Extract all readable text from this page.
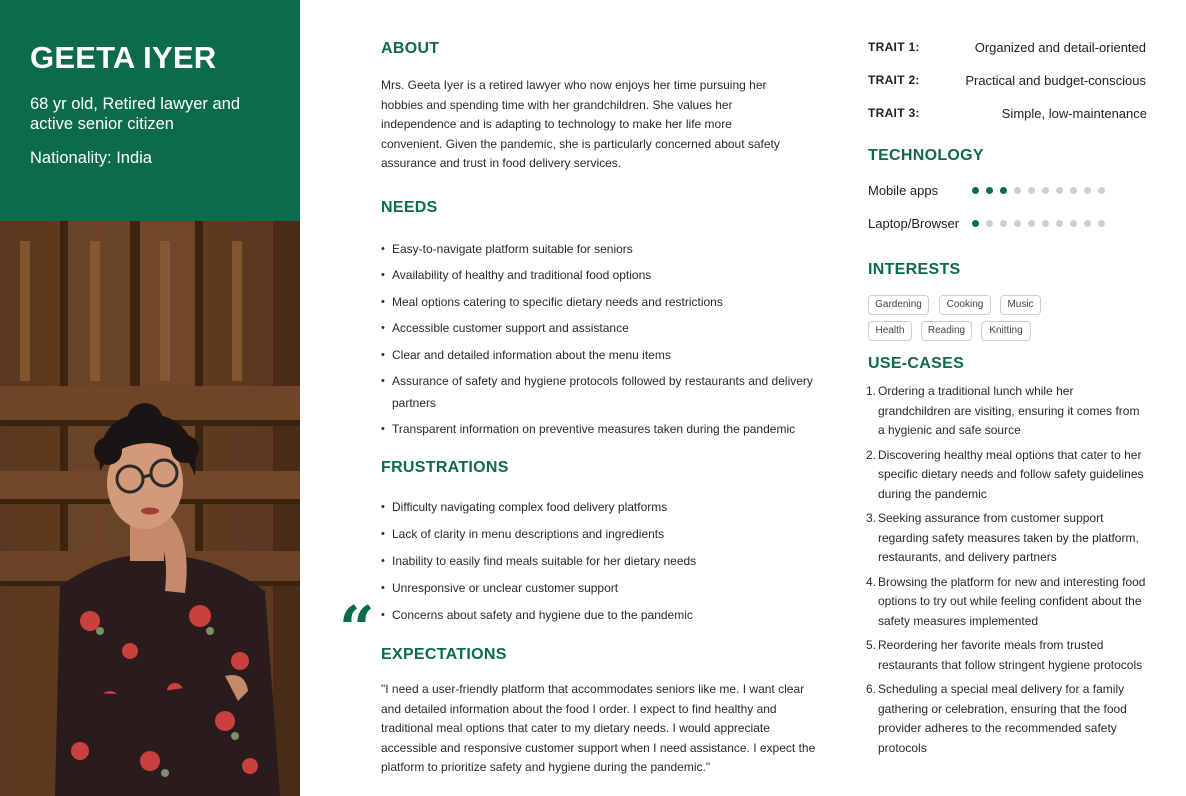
GEETA IYER
68 yr old, Retired lawyer and active senior citizen
Nationality: India
ABOUT
Mrs. Geeta Iyer is a retired lawyer who now enjoys her time pursuing her hobbies and spending time with her grandchildren. She values her independence and is adapting to technology to make her life more convenient. Given the pandemic, she is particularly concerned about safety assurance and trust in food delivery services.
NEEDS
• Easy-to-navigate platform suitable for seniors
• Availability of healthy and traditional food options
• Meal options catering to specific dietary needs and restrictions
• Accessible customer support and assistance
• Clear and detailed information about the menu items
• Assurance of safety and hygiene protocols followed by restaurants and delivery partners
• Transparent information on preventive measures taken during the pandemic
FRUSTRATIONS
• Difficulty navigating complex food delivery platforms
• Lack of clarity in menu descriptions and ingredients
• Inability to easily find meals suitable for her dietary needs
• Unresponsive or unclear customer support
• Concerns about safety and hygiene due to the pandemic
EXPECTATIONS
"I need a user-friendly platform that accommodates seniors like me. I want clear and detailed information about the food I order. I expect to find healthy and traditional meal options that cater to my dietary needs. I would appreciate accessible and responsive customer support when I need assistance. I expect the platform to prioritize safety and hygiene during the pandemic."
“
TRAIT 1:	Organized and detail-oriented
TRAIT 2:	Practical and budget-conscious
TRAIT 3:	Simple, low-maintenance
TECHNOLOGY
Mobile apps
Laptop/Browser
INTERESTS
Gardening	Cooking	Music
Health	Reading	Knitting
USE-CASES
1. Ordering a traditional lunch while her grandchildren are visiting, ensuring it comes from a hygienic and safe source
2. Discovering healthy meal options that cater to her specific dietary needs and follow safety guidelines during the pandemic
3. Seeking assurance from customer support regarding safety measures taken by the platform, restaurants, and delivery partners
4. Browsing the platform for new and interesting food options to try out while feeling confident about the safety measures implemented
5. Reordering her favorite meals from trusted restaurants that follow stringent hygiene protocols
6. Scheduling a special meal delivery for a family gathering or celebration, ensuring that the food provider adheres to the recommended safety protocols
